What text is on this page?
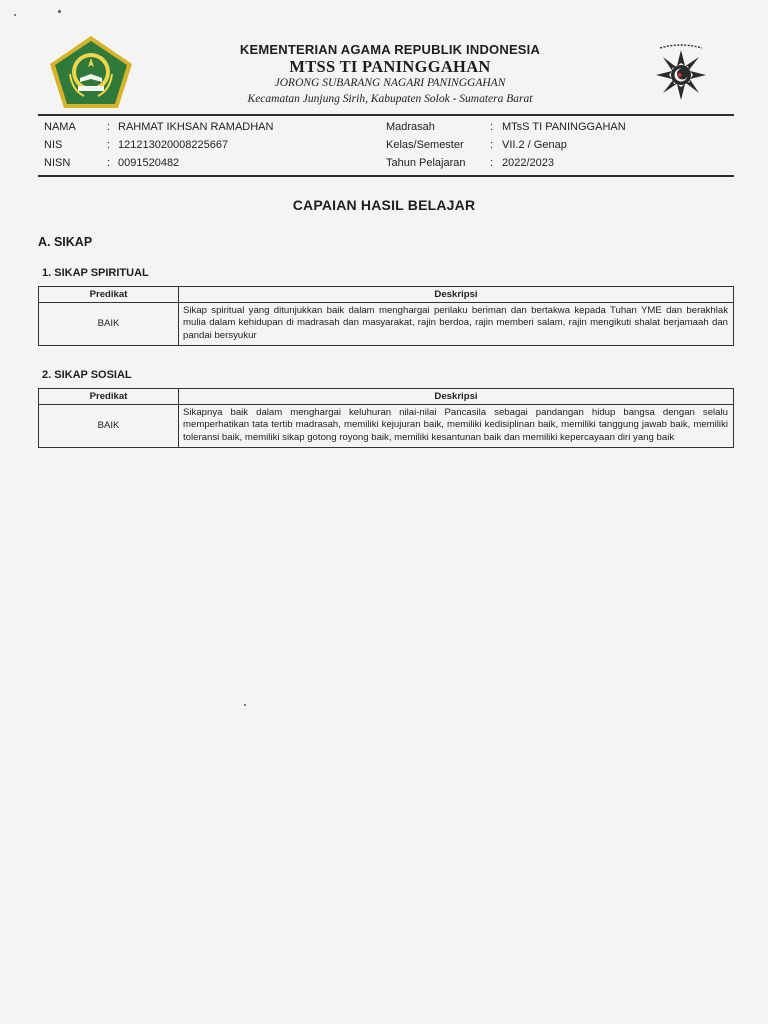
KEMENTERIAN AGAMA REPUBLIK INDONESIA
MTSS TI PANINGGAHAN
JORONG SUBARANG NAGARI PANINGGAHAN
Kecamatan Junjung Sirih, Kabupaten Solok - Sumatera Barat
NAMA	: RAHMAT IKHSAN RAMADHAN
NIS	: 121213020008225667
NISN	: 0091520482
Madrasah	: MTsS TI PANINGGAHAN
Kelas/Semester : VII.2 / Genap
Tahun Pelajaran : 2022/2023
CAPAIAN HASIL BELAJAR
A. SIKAP
1. SIKAP SPIRITUAL
Predikat	Deskripsi
BAIK	Sikap spiritual yang ditunjukkan baik dalam menghargai perilaku beriman dan bertakwa kepada Tuhan YME dan berakhlak mulia dalam kehidupan di madrasah dan masyarakat, rajin berdoa, rajin memberi salam, rajin mengikuti shalat berjamaah dan pandai bersyukur
2. SIKAP SOSIAL
Predikat	Deskripsi
BAIK	Sikapnya baik dalam menghargai keluhuran nilai-nilai Pancasila sebagai pandangan hidup bangsa dengan selalu memperhatikan tata tertib madrasah, memiliki kejujuran baik, memiliki kedisiplinan baik, memiliki tanggung jawab baik, memiliki toleransi baik, memiliki sikap gotong royong baik, memiliki kesantunan baik dan memiliki kepercayaan diri yang baik
